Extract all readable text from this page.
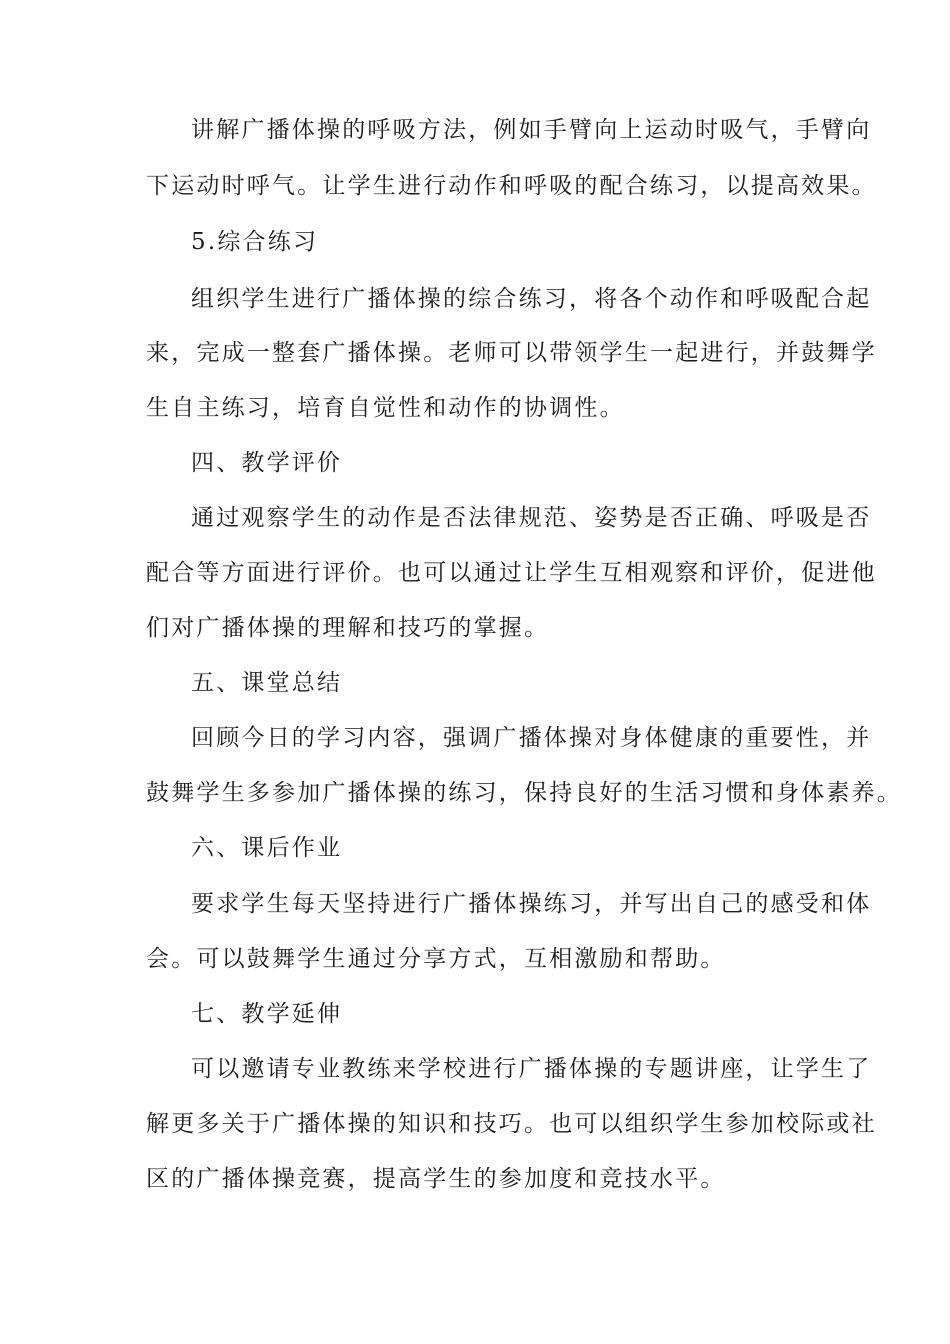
讲解广播体操的呼吸方法，例如手臂向上运动时吸气，手臂向
下运动时呼气。让学生进行动作和呼吸的配合练习，以提高效果。
5.综合练习
组织学生进行广播体操的综合练习，将各个动作和呼吸配合起
来，完成一整套广播体操。老师可以带领学生一起进行，并鼓舞学
生自主练习，培育自觉性和动作的协调性。
四、教学评价
通过观察学生的动作是否法律规范、姿势是否正确、呼吸是否
配合等方面进行评价。也可以通过让学生互相观察和评价，促进他
们对广播体操的理解和技巧的掌握。
五、课堂总结
回顾今日的学习内容，强调广播体操对身体健康的重要性，并
鼓舞学生多参加广播体操的练习，保持良好的生活习惯和身体素养。
六、课后作业
要求学生每天坚持进行广播体操练习，并写出自己的感受和体
会。可以鼓舞学生通过分享方式，互相激励和帮助。
七、教学延伸
可以邀请专业教练来学校进行广播体操的专题讲座，让学生了
解更多关于广播体操的知识和技巧。也可以组织学生参加校际或社
区的广播体操竞赛，提高学生的参加度和竞技水平。
